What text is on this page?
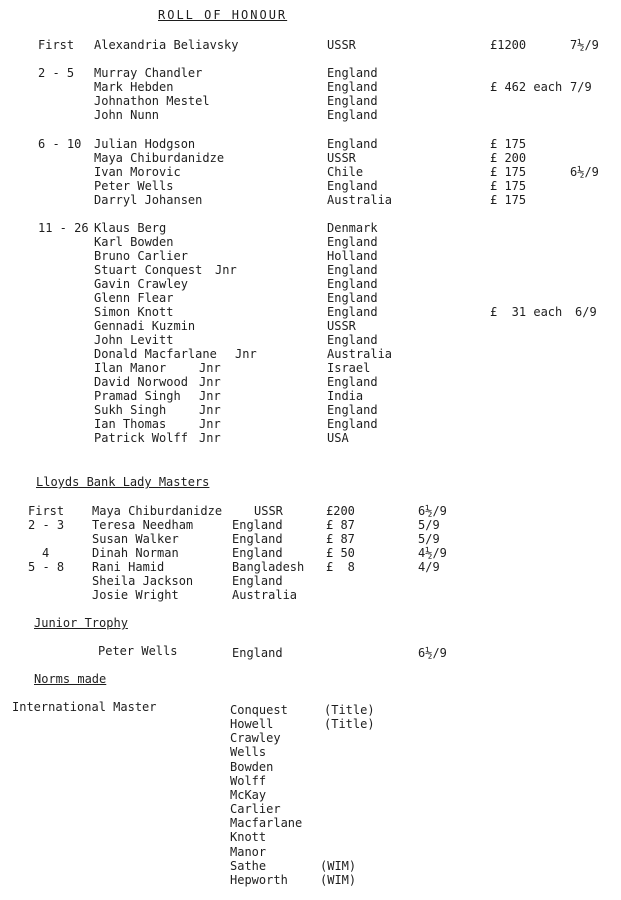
ROLL OF HONOUR
First Alexandria Beliavsky	USSR	£1200	7½/9
2 - 5 Murray Chandler	England
Mark Hebden	England	£ 462 each 7/9
Johnathon Mestel	England
John Nunn	England
6 - 10 Julian Hodgson	England	£ 175
Maya Chiburdanidze	USSR	£ 200
Ivan Morovic	Chile	£ 175	6½/9
Peter Wells	England	£ 175
Darryl Johansen	Australia	£ 175
11 - 26 Klaus Berg	Denmark
Karl Bowden	England
Bruno Carlier	Holland
Stuart Conquest Jnr	England
Gavin Crawley	England
Glenn Flear	England
Simon Knott	England	£  31 each 6/9
Gennadi Kuzmin	USSR
John Levitt	England
Donald Macfarlane Jnr	Australia
Ilan Manor	Jnr	Israel
David Norwood Jnr	England
Pramad Singh Jnr	India
Sukh Singh	Jnr	England
Ian Thomas	Jnr	England
Patrick Wolff Jnr	USA
Lloyds Bank Lady Masters
First Maya Chiburdanidze	USSR	£200	6½/9
2 - 3 Teresa Needham	England	£ 87	5/9
Susan Walker	England	£ 87	5/9
4	Dinah Norman	England	£ 50	4½/9
5 - 8 Rani Hamid	Bangladesh £  8	4/9
Sheila Jackson	England
Josie Wright	Australia
Junior Trophy
Peter Wells	England	6½/9
Norms made
International Master	Conquest	(Title)
Howell	(Title)
Crawley
Wells
Bowden
Wolff
McKay
Carlier
Macfarlane
Knott
Manor
Sathe	(WIM)
Hepworth	(WIM)
